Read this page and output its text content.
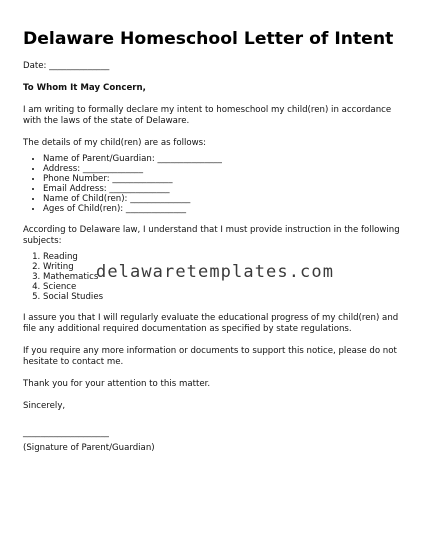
Delaware Homeschool Letter of Intent
Date: ______________
To Whom It May Concern,
I am writing to formally declare my intent to homeschool my child(ren) in accordance with the laws of the state of Delaware.
The details of my child(ren) are as follows:
• Name of Parent/Guardian: _______________
• Address: ______________
• Phone Number: ______________
• Email Address: ______________
• Name of Child(ren): ______________
• Ages of Child(ren): ______________
According to Delaware law, I understand that I must provide instruction in the following subjects:
1. Reading
2. Writing
3. Mathematics
4. Science
5. Social Studies
I assure you that I will regularly evaluate the educational progress of my child(ren) and file any additional required documentation as specified by state regulations.
If you require any more information or documents to support this notice, please do not hesitate to contact me.
Thank you for your attention to this matter.
Sincerely,
____________________
(Signature of Parent/Guardian)
delawaretemplates.com
